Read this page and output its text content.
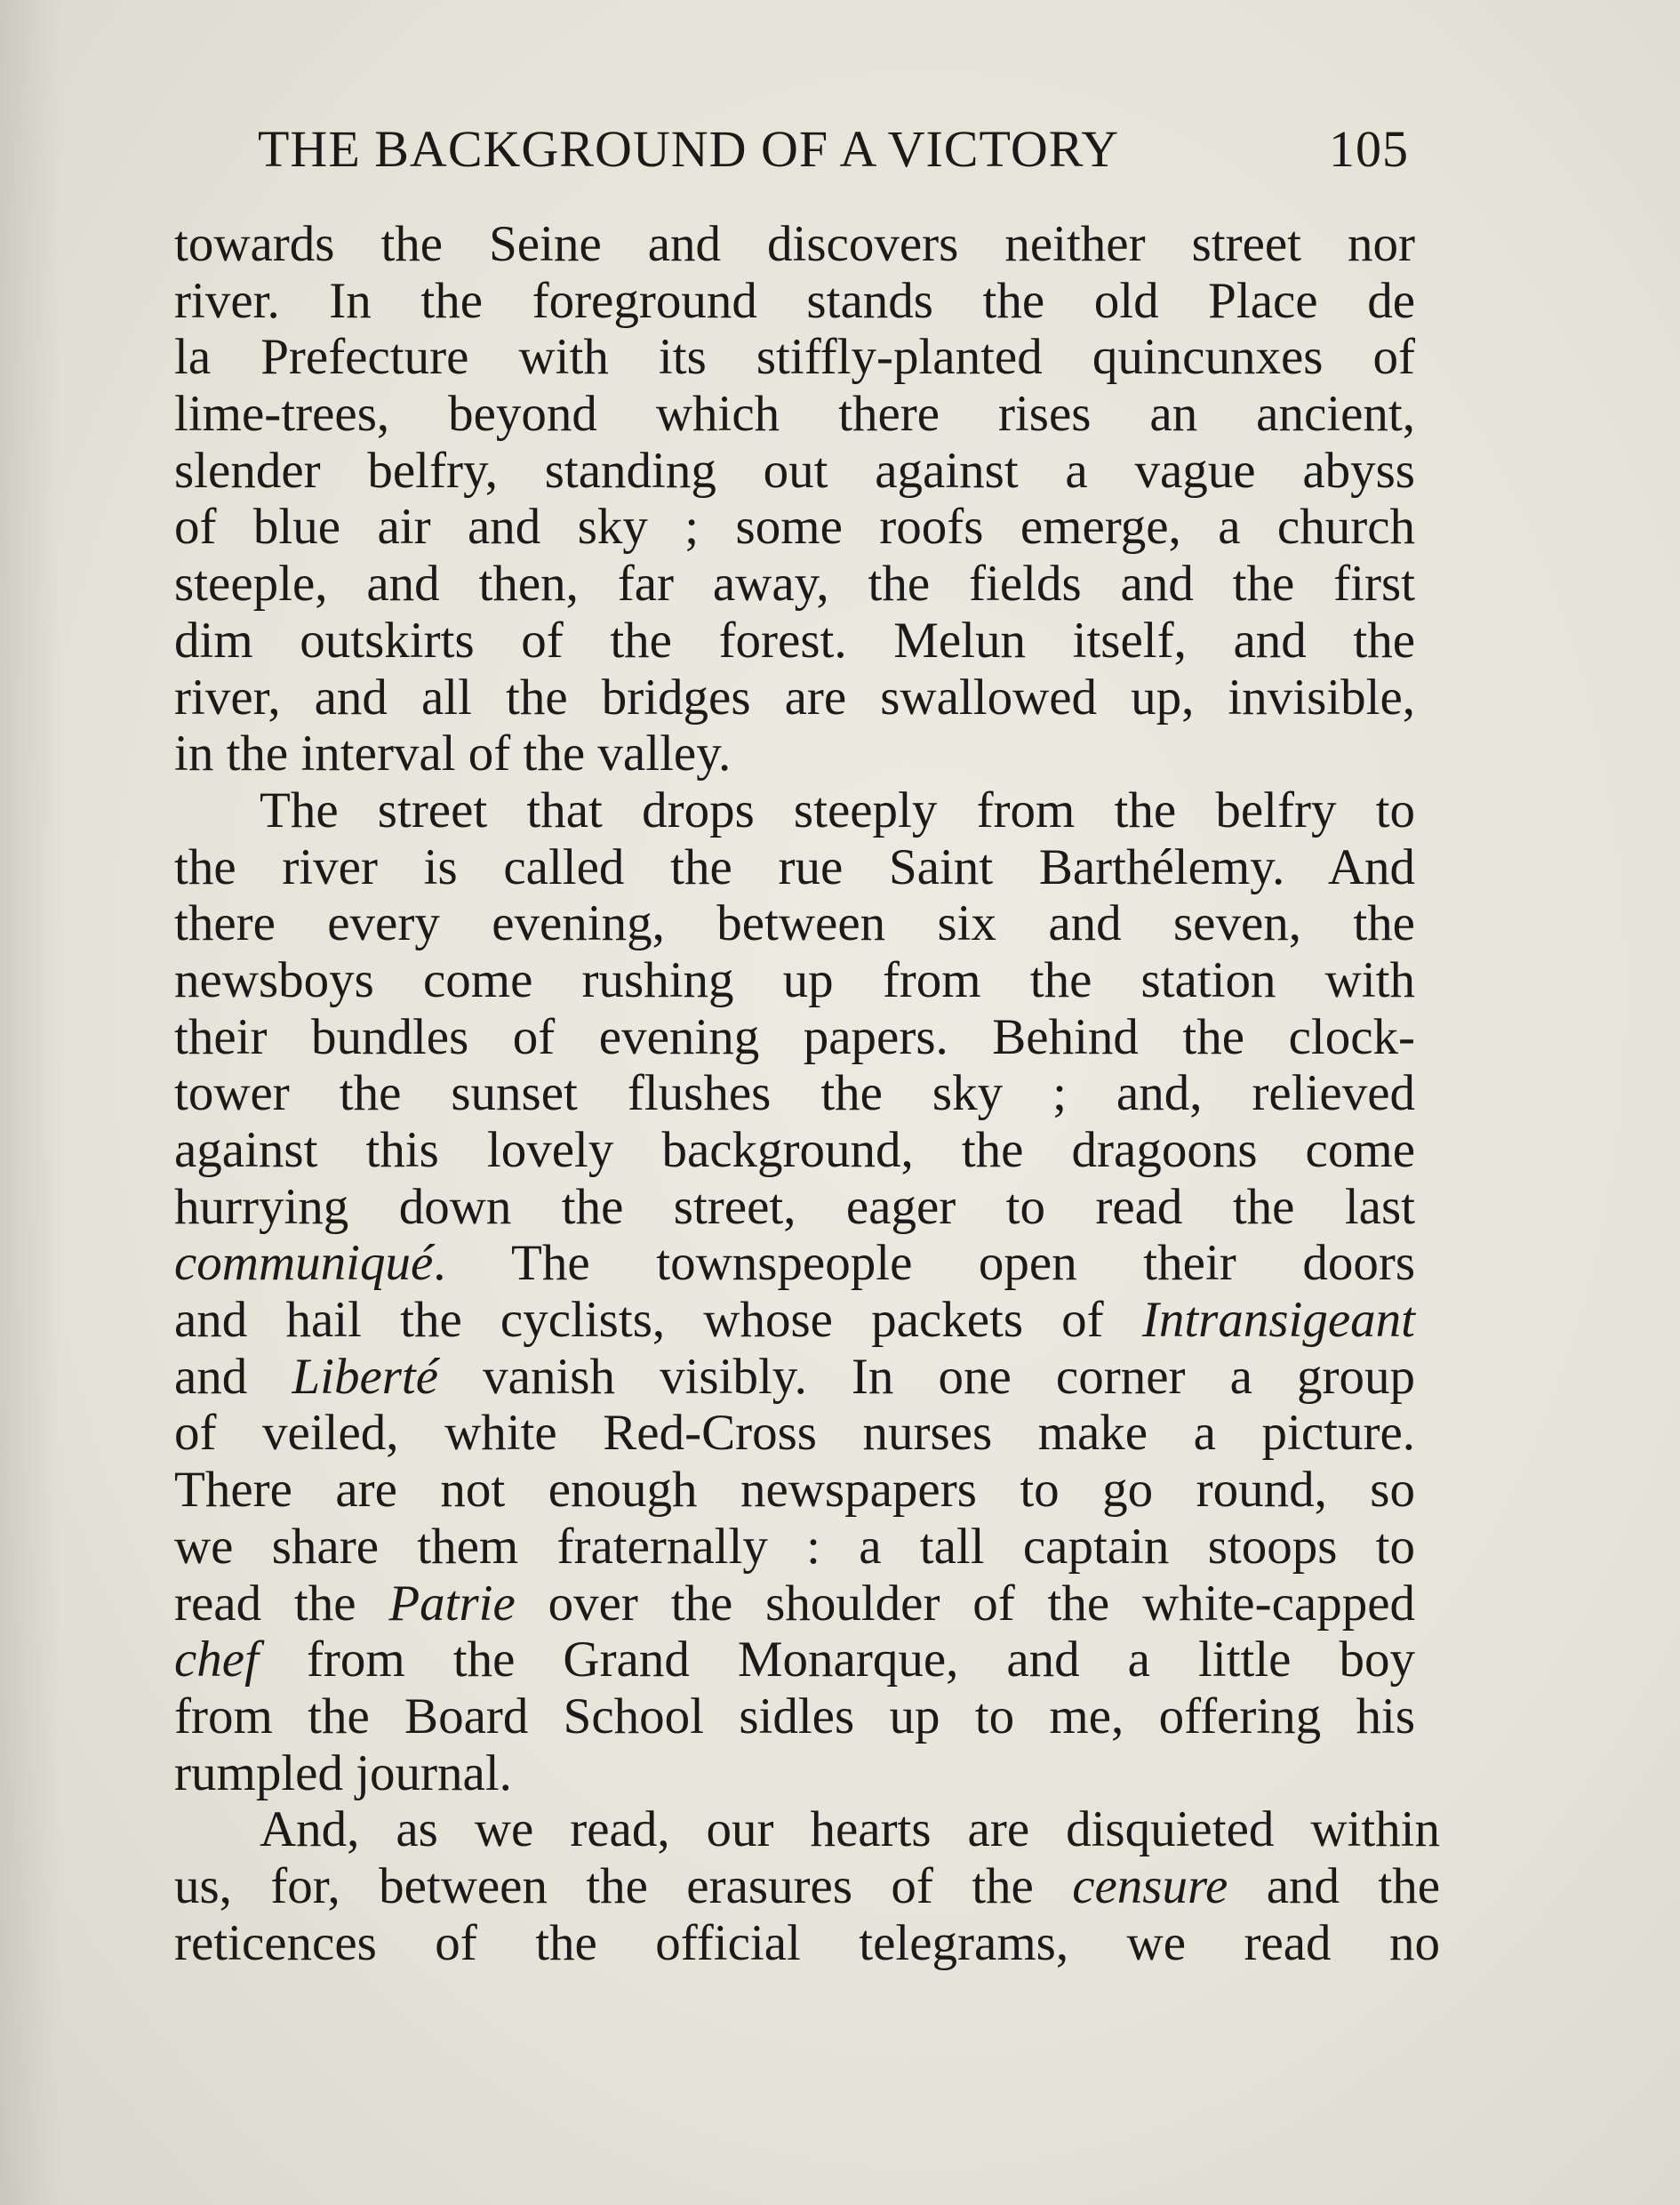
THE BACKGROUND OF A VICTORY	105
towards the Seine and discovers neither street nor
river. In the foreground stands the old Place de
la Prefecture with its stiffly-planted quincunxes of
lime-trees, beyond which there rises an ancient,
slender belfry, standing out against a vague abyss
of blue air and sky ; some roofs emerge, a church
steeple, and then, far away, the fields and the first
dim outskirts of the forest. Melun itself, and the
river, and all the bridges are swallowed up, invisible,
in the interval of the valley.
The street that drops steeply from the belfry to
the river is called the rue Saint Barthélemy. And
there every evening, between six and seven, the
newsboys come rushing up from the station with
their bundles of evening papers. Behind the clock-
tower the sunset flushes the sky ; and, relieved
against this lovely background, the dragoons come
hurrying down the street, eager to read the last
communiqué. The townspeople open their doors
and hail the cyclists, whose packets of Intransigeant
and Liberté vanish visibly. In one corner a group
of veiled, white Red-Cross nurses make a picture.
There are not enough newspapers to go round, so
we share them fraternally : a tall captain stoops to
read the Patrie over the shoulder of the white-capped
chef from the Grand Monarque, and a little boy
from the Board School sidles up to me, offering his
rumpled journal.
And, as we read, our hearts are disquieted within
us, for, between the erasures of the censure and the
reticences of the official telegrams, we read no
